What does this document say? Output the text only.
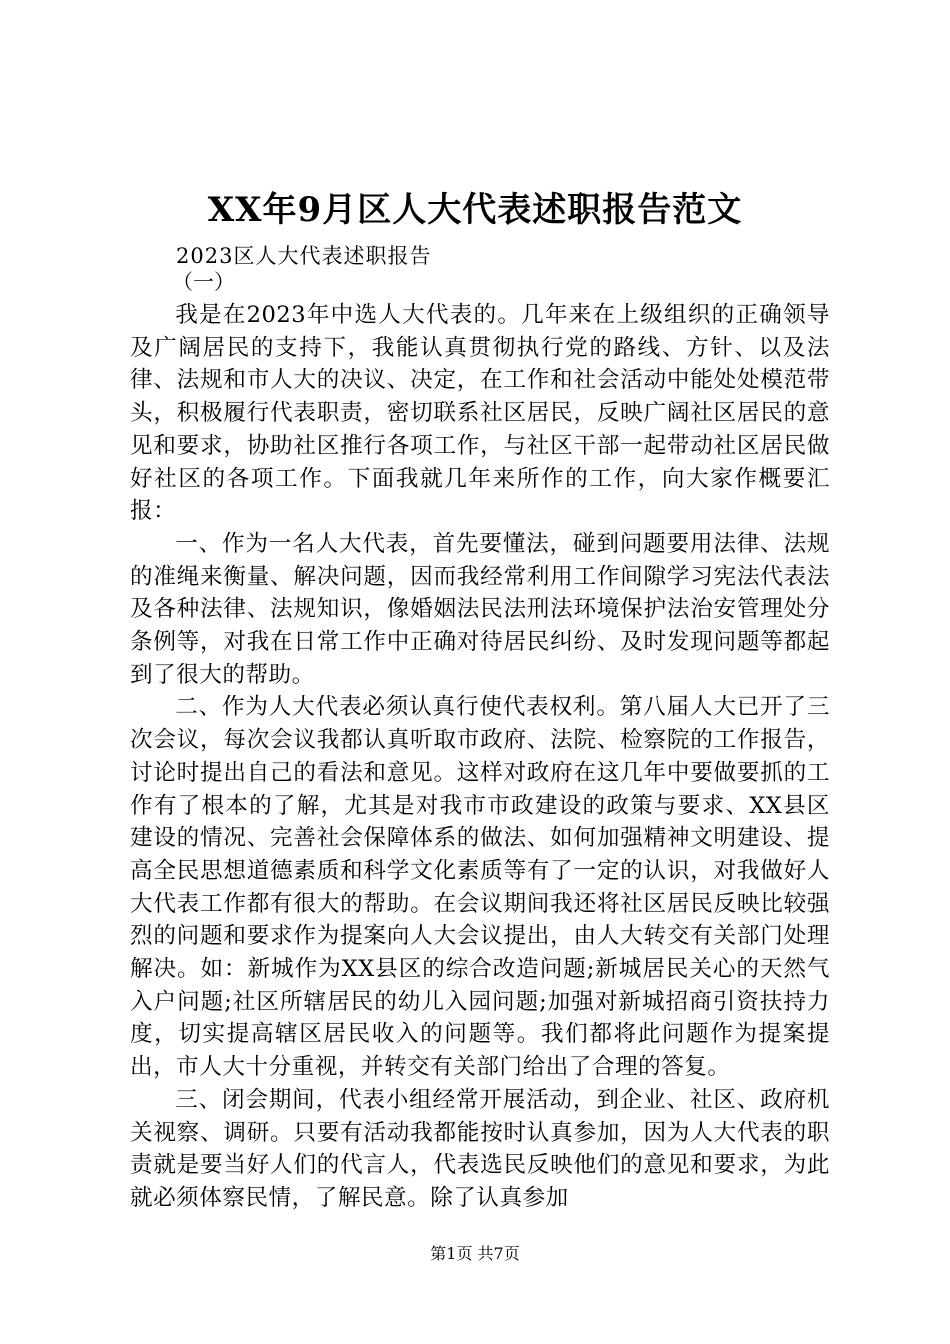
XX年9月区人大代表述职报告范文
2023区人大代表述职报告
（一）

我是在2023年中选人大代表的。几年来在上级组织的正确领导及广阔居民的支持下，我能认真贯彻执行党的路线、方针、以及法律、法规和市人大的决议、决定，在工作和社会活动中能处处模范带头，积极履行代表职责，密切联系社区居民，反映广阔社区居民的意见和要求，协助社区推行各项工作，与社区干部一起带动社区居民做好社区的各项工作。下面我就几年来所作的工作，向大家作概要汇报：

一、作为一名人大代表，首先要懂法，碰到问题要用法律、法规的准绳来衡量、解决问题，因而我经常利用工作间隙学习宪法代表法及各种法律、法规知识，像婚姻法民法刑法环境保护法治安管理处分条例等，对我在日常工作中正确对待居民纠纷、及时发现问题等都起到了很大的帮助。

二、作为人大代表必须认真行使代表权利。第八届人大已开了三次会议，每次会议我都认真听取市政府、法院、检察院的工作报告，讨论时提出自己的看法和意见。这样对政府在这几年中要做要抓的工作有了根本的了解，尤其是对我市市政建设的政策与要求、XX县区建设的情况、完善社会保障体系的做法、如何加强精神文明建设、提高全民思想道德素质和科学文化素质等有了一定的认识，对我做好人大代表工作都有很大的帮助。在会议期间我还将社区居民反映比较强烈的问题和要求作为提案向人大会议提出，由人大转交有关部门处理解决。如：新城作为XX县区的综合改造问题;新城居民关心的天然气入户问题;社区所辖居民的幼儿入园问题;加强对新城招商引资扶持力度，切实提高辖区居民收入的问题等。我们都将此问题作为提案提出，市人大十分重视，并转交有关部门给出了合理的答复。

三、闭会期间，代表小组经常开展活动，到企业、社区、政府机关视察、调研。只要有活动我都能按时认真参加，因为人大代表的职责就是要当好人们的代言人，代表选民反映他们的意见和要求，为此就必须体察民情，了解民意。除了认真参加

第1页 共7页
